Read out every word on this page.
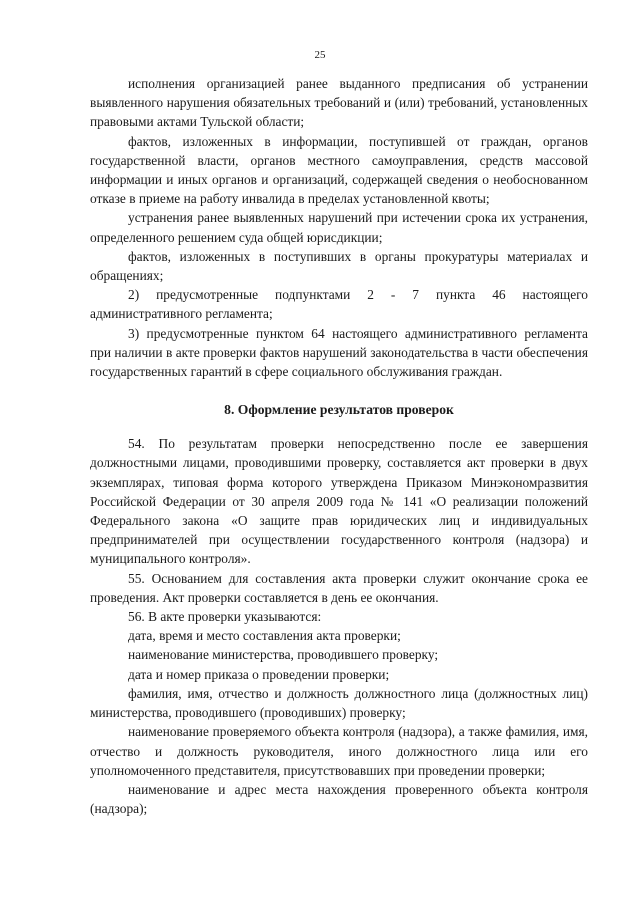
25

исполнения организацией ранее выданного предписания об устранении выявленного нарушения обязательных требований и (или) требований, установленных правовыми актами Тульской области;

фактов, изложенных в информации, поступившей от граждан, органов государственной власти, органов местного самоуправления, средств массовой информации и иных органов и организаций, содержащей сведения о необоснованном отказе в приеме на работу инвалида в пределах установленной квоты;

устранения ранее выявленных нарушений при истечении срока их устранения, определенного решением суда общей юрисдикции;

фактов, изложенных в поступивших в органы прокуратуры материалах и обращениях;

2) предусмотренные подпунктами 2 - 7 пункта 46 настоящего административного регламента;

3) предусмотренные пунктом 64 настоящего административного регламента при наличии в акте проверки фактов нарушений законодательства в части обеспечения государственных гарантий в сфере социального обслуживания граждан.

8. Оформление результатов проверок

54. По результатам проверки непосредственно после ее завершения должностными лицами, проводившими проверку, составляется акт проверки в двух экземплярах, типовая форма которого утверждена Приказом Минэкономразвития Российской Федерации от 30 апреля 2009 года № 141 «О реализации положений Федерального закона «О защите прав юридических лиц и индивидуальных предпринимателей при осуществлении государственного контроля (надзора) и муниципального контроля».

55. Основанием для составления акта проверки служит окончание срока ее проведения. Акт проверки составляется в день ее окончания.

56. В акте проверки указываются:

дата, время и место составления акта проверки;

наименование министерства, проводившего проверку;

дата и номер приказа о проведении проверки;

фамилия, имя, отчество и должность должностного лица (должностных лиц) министерства, проводившего (проводивших) проверку;

наименование проверяемого объекта контроля (надзора), а также фамилия, имя, отчество и должность руководителя, иного должностного лица или его уполномоченного представителя, присутствовавших при проведении проверки;

наименование и адрес места нахождения проверенного объекта контроля (надзора);
